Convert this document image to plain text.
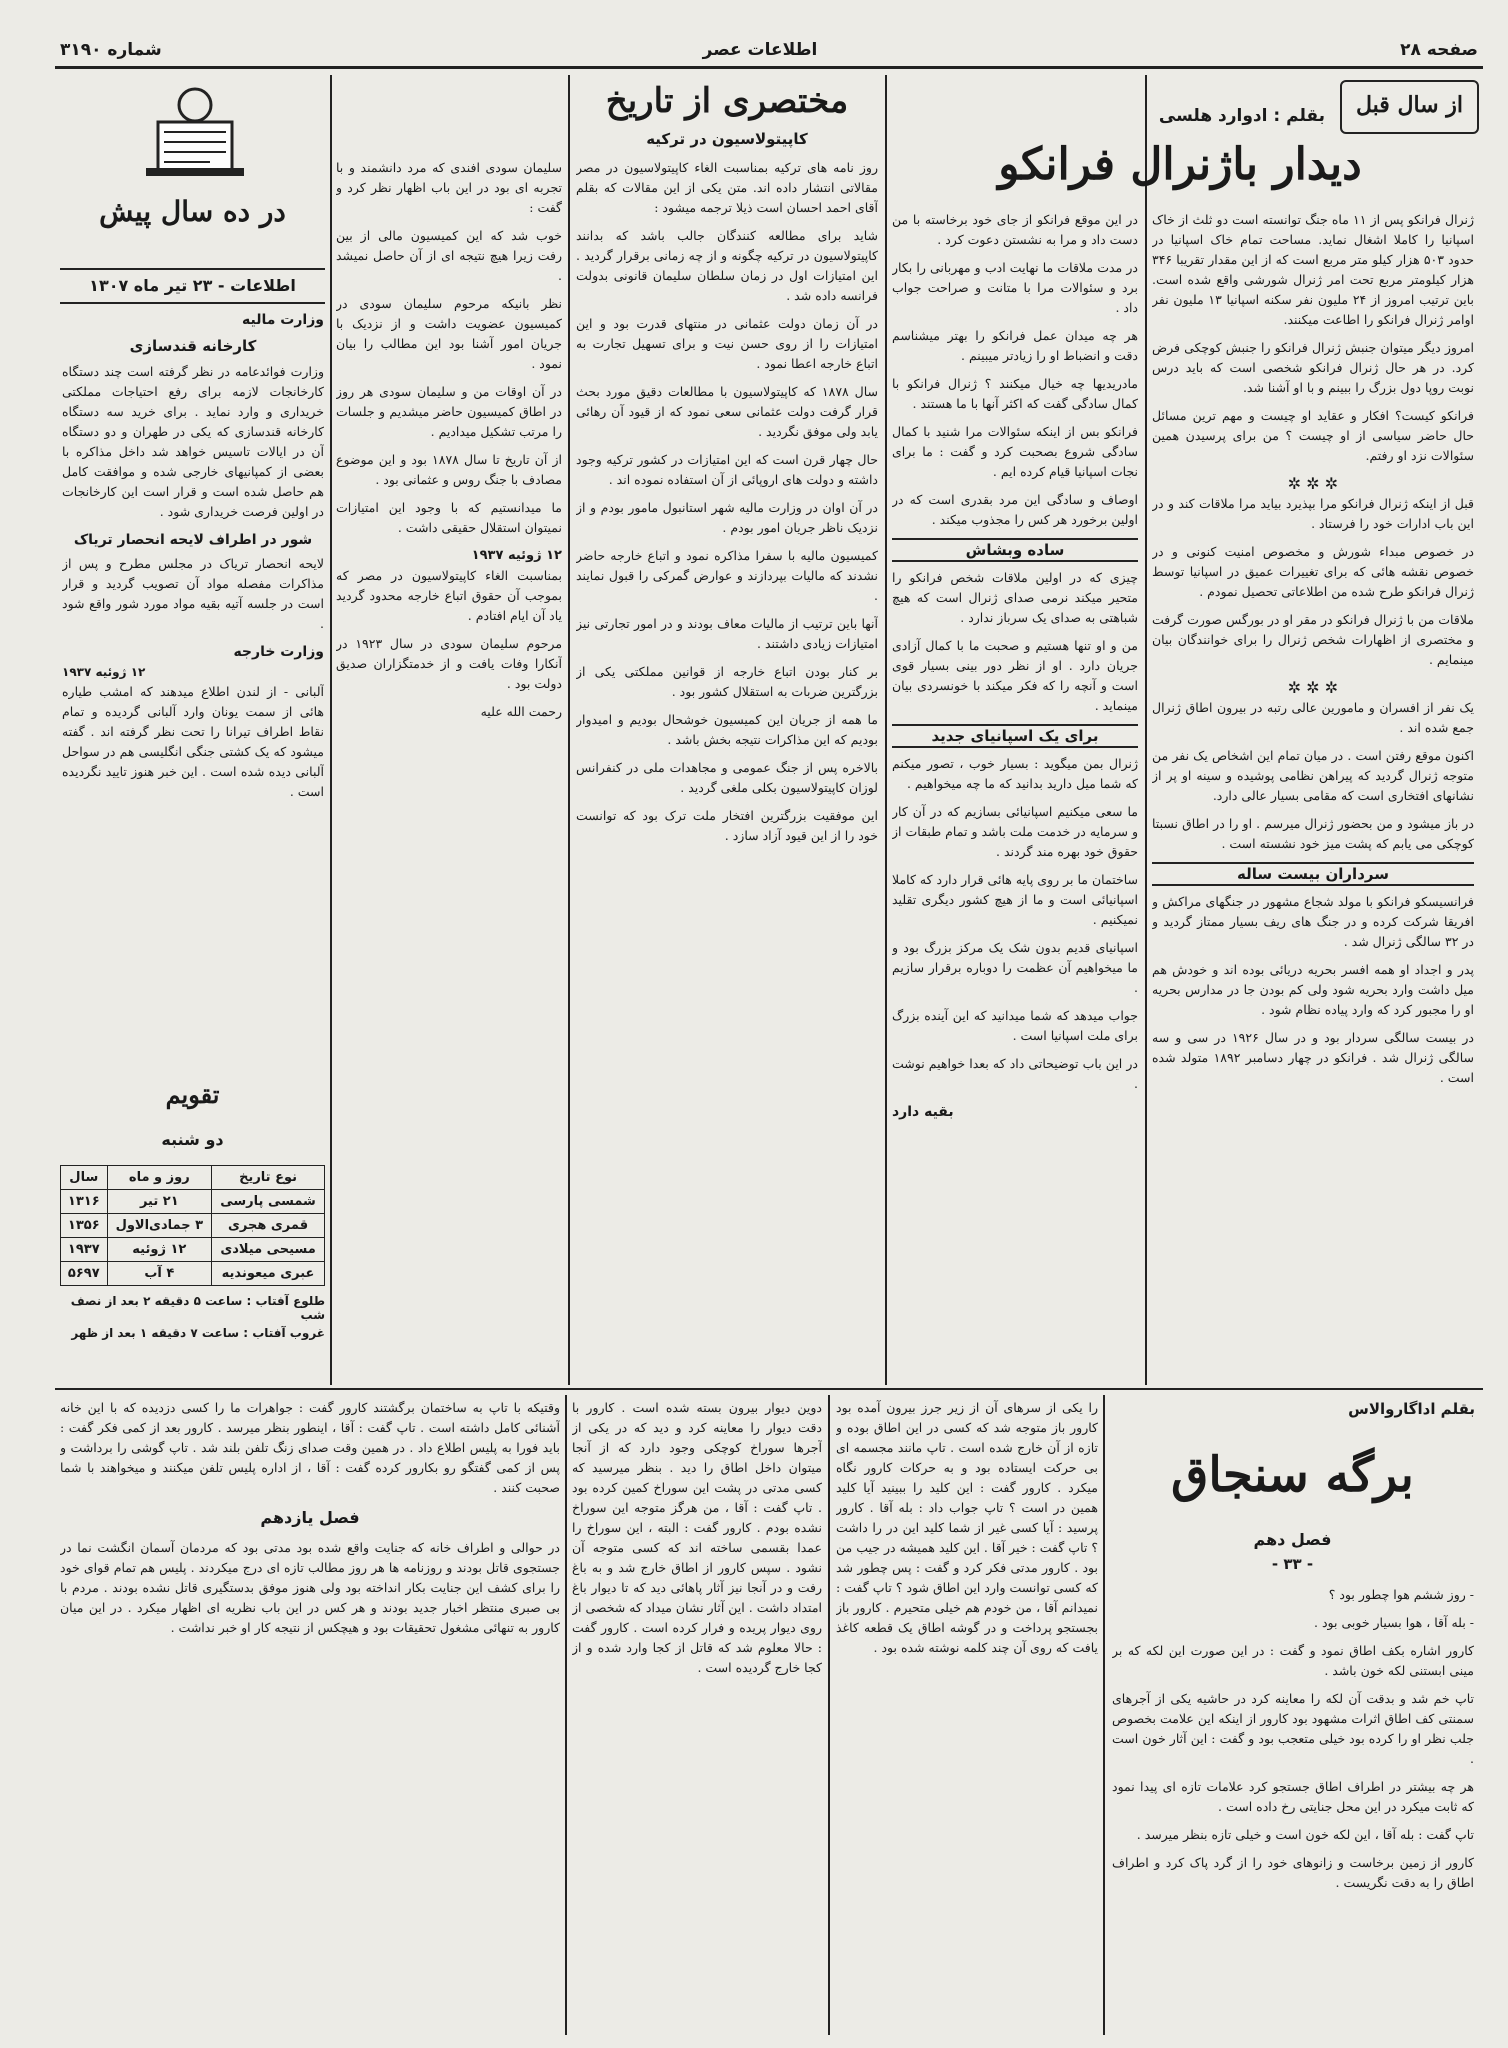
صفحه ۲۸
اطلاعات عصر
شماره ۳۱۹۰
از سال قبل
بقلم : ادوارد هلسی
دیدار باژنرال فرانکو

ژنرال فرانکو پس از ۱۱ ماه جنگ توانسته است دو ثلث از خاک اسپانیا را کاملا اشغال نماید. مساحت تمام خاک اسپانیا در حدود ۵۰۳ هزار کیلو متر مربع است که از این مقدار تقریبا ۳۴۶ هزار کیلومتر مربع تحت امر ژنرال شورشی واقع شده است. باین ترتیب امروز از ۲۴ ملیون نفر سکنه اسپانیا ۱۳ ملیون نفر اوامر ژنرال فرانکو را اطاعت میکنند.

امروز دیگر میتوان جنبش ژنرال فرانکو را جنبش کوچکی فرض کرد. در هر حال ژنرال فرانکو شخصی است که باید درس نوبت روپا دول بزرگ را ببینم و با او آشنا شد.

فرانکو کیست؟ افکار و عقاید او چیست و مهم ترین مسائل حال حاضر سیاسی از او چیست ؟ من برای پرسیدن همین سئوالات نزد او رفتم.

✲ ✲ ✲

قبل از اینکه ژنرال فرانکو مرا بپذیرد بیاید مرا ملاقات کند و در این باب ادارات خود را فرستاد .

در خصوص مبداء شورش و مخصوص امنیت کنونی و در خصوص نقشه هائی که برای تغییرات عمیق در اسپانیا توسط ژنرال فرانکو طرح شده من اطلاعاتی تحصیل نمودم .

ملاقات من با ژنرال فرانکو در مقر او در بورگس صورت گرفت و مختصری از اظهارات شخص ژنرال را برای خوانندگان بیان مینمایم .

✲ ✲ ✲

یک نفر از افسران و مامورین عالی رتبه در بیرون اطاق ژنرال جمع شده اند .

اکنون موقع رفتن است . در میان تمام این اشخاص یک نفر من متوجه ژنرال گردید که پیراهن نظامی پوشیده و سینه او پر از نشانهای افتخاری است که مقامی بسیار عالی دارد.

در باز میشود و من بحضور ژنرال میرسم . او را در اطاق نسبتا کوچکی می یابم که پشت میز خود نشسته است .

سرداران بیست ساله

فرانسیسکو فرانکو با مولد شجاع مشهور در جنگهای مراکش و افریقا شرکت کرده و در جنگ های ریف بسیار ممتاز گردید و در ۳۲ سالگی ژنرال شد .

پدر و اجداد او همه افسر بحریه دریائی بوده اند و خودش هم میل داشت وارد بحریه شود ولی کم بودن جا در مدارس بحریه او را مجبور کرد که وارد پیاده نظام شود .

در بیست سالگی سردار بود و در سال ۱۹۲۶ در سی و سه سالگی ژنرال شد . فرانکو در چهار دسامبر ۱۸۹۲ متولد شده است .

در این موقع فرانکو از جای خود برخاسته با من دست داد و مرا به نشستن دعوت کرد .

در مدت ملاقات ما نهایت ادب و مهربانی را بکار برد و سئوالات مرا با متانت و صراحت جواب داد .

هر چه میدان عمل فرانکو را بهتر میشناسم دقت و انضباط او را زیادتر میبینم .

مادریدیها چه خیال میکنند ؟ ژنرال فرانکو با کمال سادگی گفت که اکثر آنها با ما هستند .

فرانکو بس از اینکه سئوالات مرا شنید با کمال سادگی شروع بصحبت کرد و گفت : ما برای نجات اسپانیا قیام کرده ایم .

اوصاف و سادگی این مرد بقدری است که در اولین برخورد هر کس را مجذوب میکند .

ساده وبشاش

چیزی که در اولین ملاقات شخص فرانکو را متحیر میکند نرمی صدای ژنرال است که هیچ شباهتی به صدای یک سرباز ندارد .

من و او تنها هستیم و صحبت ما با کمال آزادی جریان دارد . او از نظر دور بینی بسیار قوی است و آنچه را که فکر میکند با خونسردی بیان مینماید .

برای یک اسپانیای جدید

ژنرال بمن میگوید : بسیار خوب ، تصور میکنم که شما میل دارید بدانید که ما چه میخواهیم .

ما سعی میکنیم اسپانیائی بسازیم که در آن کار و سرمایه در خدمت ملت باشد و تمام طبقات از حقوق خود بهره مند گردند .

ساختمان ما بر روی پایه هائی قرار دارد که کاملا اسپانیائی است و ما از هیچ کشور دیگری تقلید نمیکنیم .

اسپانیای قدیم بدون شک یک مرکز بزرگ بود و ما میخواهیم آن عظمت را دوباره برقرار سازیم .

جواب میدهد که شما میدانید که این آینده بزرگ برای ملت اسپانیا است .

در این باب توضیحاتی داد که بعدا خواهیم نوشت .

بقیه دارد
مختصری از تاریخ
کاپیتولاسیون در ترکیه

روز نامه های ترکیه بمناسبت الغاء کاپیتولاسیون در مصر مقالاتی انتشار داده اند. متن یکی از این مقالات که بقلم آقای احمد احسان است ذیلا ترجمه میشود :

شاید برای مطالعه کنندگان جالب باشد که بدانند کاپیتولاسیون در ترکیه چگونه و از چه زمانی برقرار گردید . این امتیازات اول در زمان سلطان سلیمان قانونی بدولت فرانسه داده شد .

در آن زمان دولت عثمانی در منتهای قدرت بود و این امتیازات را از روی حسن نیت و برای تسهیل تجارت به اتباع خارجه اعطا نمود .

سال ۱۸۷۸ که کاپیتولاسیون با مطالعات دقیق مورد بحث قرار گرفت دولت عثمانی سعی نمود که از قیود آن رهائی یابد ولی موفق نگردید .

حال چهار قرن است که این امتیازات در کشور ترکیه وجود داشته و دولت های اروپائی از آن استفاده نموده اند .

در آن اوان در وزارت مالیه شهر استانبول مامور بودم و از نزدیک ناظر جریان امور بودم .

کمیسیون مالیه با سفرا مذاکره نمود و اتباع خارجه حاضر نشدند که مالیات بپردازند و عوارض گمرکی را قبول نمایند .

آنها باین ترتیب از مالیات معاف بودند و در امور تجارتی نیز امتیازات زیادی داشتند .

بر کنار بودن اتباع خارجه از قوانین مملکتی یکی از بزرگترین ضربات به استقلال کشور بود .

ما همه از جریان این کمیسیون خوشحال بودیم و امیدوار بودیم که این مذاکرات نتیجه بخش باشد .

بالاخره پس از جنگ عمومی و مجاهدات ملی در کنفرانس لوزان کاپیتولاسیون بکلی ملغی گردید .

این موفقیت بزرگترین افتخار ملت ترک بود که توانست خود را از این قیود آزاد سازد .

سلیمان سودی افندی که مرد دانشمند و با تجربه ای بود در این باب اظهار نظر کرد و گفت :

خوب شد که این کمیسیون مالی از بین رفت زیرا هیچ نتیجه ای از آن حاصل نمیشد .

نظر بانیکه مرحوم سلیمان سودی در کمیسیون عضویت داشت و از نزدیک با جریان امور آشنا بود این مطالب را بیان نمود .

در آن اوقات من و سلیمان سودی هر روز در اطاق کمیسیون حاضر میشدیم و جلسات را مرتب تشکیل میدادیم .

از آن تاریخ تا سال ۱۸۷۸ بود و این موضوع مصادف با جنگ روس و عثمانی بود .

ما میدانستیم که با وجود این امتیازات نمیتوان استقلال حقیقی داشت .

۱۲ ژوئیه ۱۹۳۷

بمناسبت الغاء کاپیتولاسیون در مصر که بموجب آن حقوق اتباع خارجه محدود گردید یاد آن ایام افتادم .

مرحوم سلیمان سودی در سال ۱۹۲۳ در آنکارا وفات یافت و از خدمتگزاران صدیق دولت بود .

رحمت الله علیه

در ده سال پیش
اطلاعات - ۲۳ تیر ماه ۱۳۰۷
وزارت مالیه
کارخانه قندسازی

وزارت فوائدعامه در نظر گرفته است چند دستگاه کارخانجات لازمه برای رفع احتیاجات مملکتی خریداری و وارد نماید . برای خرید سه دستگاه کارخانه قندسازی که یکی در طهران و دو دستگاه آن در ایالات تاسیس خواهد شد داخل مذاکره با بعضی از کمپانیهای خارجی شده و موافقت کامل هم حاصل شده است و قرار است این کارخانجات در اولین فرصت خریداری شود .

شور در اطراف لایحه انحصار تریاک

لایحه انحصار تریاک در مجلس مطرح و پس از مذاکرات مفصله مواد آن تصویب گردید و قرار است در جلسه آتیه بقیه مواد مورد شور واقع شود .

وزارت خارجه
۱۲ ژوئیه ۱۹۳۷

آلبانی - از لندن اطلاع میدهند که امشب طیاره هائی از سمت یونان وارد آلبانی گردیده و تمام نقاط اطراف تیرانا را تحت نظر گرفته اند . گفته میشود که یک کشتی جنگی انگلیسی هم در سواحل آلبانی دیده شده است . این خبر هنوز تایید نگردیده است .

تقویم
دو شنبه
نوع تاریخ	روز و ماه	سال
شمسی پارسی	۲۱ تیر	۱۳۱۶
قمری هجری	۳ جمادی‌الاول	۱۳۵۶
مسیحی میلادی	۱۲ ژوئیه	۱۹۳۷
عبری میعوندیه	۴ آب	۵۶۹۷
طلوع آفتاب : ساعت ۵ دقیقه ۲ بعد از نصف شب
غروب آفتاب : ساعت ۷ دقیقه ۱ بعد از ظهر
بقلم اداگاروالاس
برگه سنجاق
فصل دهم
- ۳۳ -

- روز ششم هوا چطور بود ؟

- بله آقا ، هوا بسیار خوبی بود .

کارور اشاره بکف اطاق نمود و گفت : در این صورت این لکه که بر مینی ابستنی لکه خون باشد .

تاپ خم شد و بدقت آن لکه را معاینه کرد در حاشیه یکی از آجرهای سمنتی کف اطاق اثرات مشهود بود کارور از اینکه این علامت بخصوص جلب نظر او را کرده بود خیلی متعجب بود و گفت : این آثار خون است .

هر چه بیشتر در اطراف اطاق جستجو کرد علامات تازه ای پیدا نمود که ثابت میکرد در این محل جنایتی رخ داده است .

تاپ گفت : بله آقا ، این لکه خون است و خیلی تازه بنظر میرسد .

کارور از زمین برخاست و زانوهای خود را از گرد پاک کرد و اطراف اطاق را به دقت نگریست .

را یکی از سرهای آن از زیر جرز بیرون آمده بود کارور باز متوجه شد که کسی در این اطاق بوده و تازه از آن خارج شده است . تاپ مانند مجسمه ای بی حرکت ایستاده بود و به حرکات کارور نگاه میکرد . کارور گفت : این کلید را ببینید آیا کلید همین در است ؟ تاپ جواب داد : بله آقا . کارور پرسید : آیا کسی غیر از شما کلید این در را داشت ؟ تاپ گفت : خیر آقا . این کلید همیشه در جیب من بود . کارور مدتی فکر کرد و گفت : پس چطور شد که کسی توانست وارد این اطاق شود ؟ تاپ گفت : نمیدانم آقا ، من خودم هم خیلی متحیرم . کارور باز بجستجو پرداخت و در گوشه اطاق یک قطعه کاغذ یافت که روی آن چند کلمه نوشته شده بود .

دوین دیوار بیرون بسته شده است . کارور با دقت دیوار را معاینه کرد و دید که در یکی از آجرها سوراخ کوچکی وجود دارد که از آنجا میتوان داخل اطاق را دید . بنظر میرسید که کسی مدتی در پشت این سوراخ کمین کرده بود . تاپ گفت : آقا ، من هرگز متوجه این سوراخ نشده بودم . کارور گفت : البته ، این سوراخ را عمدا بقسمی ساخته اند که کسی متوجه آن نشود . سپس کارور از اطاق خارج شد و به باغ رفت و در آنجا نیز آثار پاهائی دید که تا دیوار باغ امتداد داشت . این آثار نشان میداد که شخصی از روی دیوار پریده و فرار کرده است . کارور گفت : حالا معلوم شد که قاتل از کجا وارد شده و از کجا خارج گردیده است .

وقتیکه با تاپ به ساختمان برگشتند کارور گفت : جواهرات ما را کسی دزدیده که با این خانه آشنائی کامل داشته است . تاپ گفت : آقا ، اینطور بنظر میرسد . کارور بعد از کمی فکر گفت : باید فورا به پلیس اطلاع داد . در همین وقت صدای زنگ تلفن بلند شد . تاپ گوشی را برداشت و پس از کمی گفتگو رو بکارور کرده گفت : آقا ، از اداره پلیس تلفن میکنند و میخواهند با شما صحبت کنند .

فصل یازدهم

در حوالی و اطراف خانه که جنایت واقع شده بود مدتی بود که مردمان آسمان انگشت نما در جستجوی قاتل بودند و روزنامه ها هر روز مطالب تازه ای درج میکردند . پلیس هم تمام قوای خود را برای کشف این جنایت بکار انداخته بود ولی هنوز موفق بدستگیری قاتل نشده بودند . مردم با بی صبری منتظر اخبار جدید بودند و هر کس در این باب نظریه ای اظهار میکرد . در این میان کارور به تنهائی مشغول تحقیقات بود و هیچکس از نتیجه کار او خبر نداشت .
